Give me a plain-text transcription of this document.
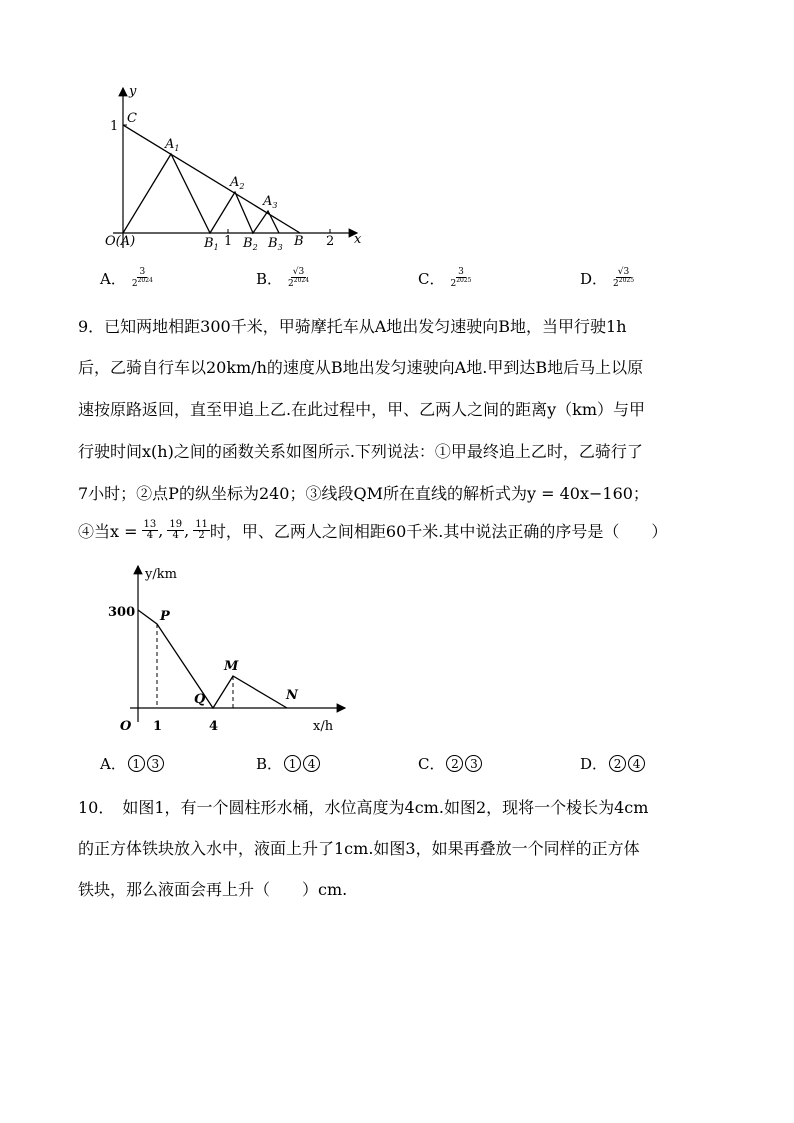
y
x
C
1
O(A)
$A_1$
$A_2$
$A_3$
$B_1$ 1 $B_2$ $B_3$ B 2
A． $\frac{3}{2^{2024}}$	B． $\frac{√3}{2^{2024}}$	C． $\frac{3}{2^{2025}}$	D． $\frac{√3}{2^{2025}}$
9．已知两地相距300千米，甲骑摩托车从A地出发匀速驶向B地，当甲行驶1h
后，乙骑自行车以20km/h的速度从B地出发匀速驶向A地.甲到达B地后马上以原
速按原路返回，直至甲追上乙.在此过程中，甲、乙两人之间的距离y（km）与甲
行驶时间x(h)之间的函数关系如图所示.下列说法：①甲最终追上乙时，乙骑行了
7小时；②点P的纵坐标为240；③线段QM所在直线的解析式为y = 40x−160；
④当$x = \frac{13}{4}$ , $\frac{19}{4}$ , $\frac{11}{2}$ 时，甲、乙两人之间相距60千米.其中说法正确的序号是（　　）
y/km
x/h
300 P
M
Q	N
O 1	4
A． 1 3	B． 1 4	C． 2 3	D． 2 4
10．　如图1，有一个圆柱形水桶，水位高度为4cm.如图2，现将一个棱长为4cm
的正方体铁块放入水中，液面上升了1cm.如图3，如果再叠放一个同样的正方体
铁块，那么液面会再上升（　　）cm.
